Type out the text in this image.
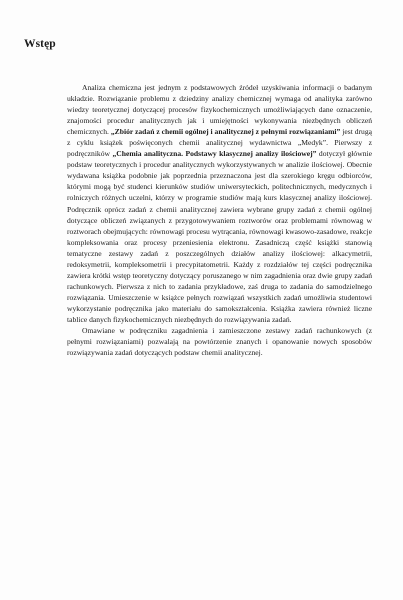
Wstęp

Analiza chemiczna jest jednym z podstawowych źródeł uzyskiwania informacji o badanym układzie. Rozwiązanie problemu z dziedziny analizy chemicznej wymaga od analityka zarówno wiedzy teoretycznej dotyczącej procesów fizykochemicznych umożliwiających dane oznaczenie, znajomości procedur analitycznych jak i umiejętności wykonywania niezbędnych obliczeń chemicznych. „Zbiór zadań z chemii ogólnej i analitycznej z pełnymi rozwiązaniami” jest drugą z cyklu książek poświęconych chemii analitycznej wydawnictwa „Medyk”. Pierwszy z podręczników „Chemia analityczna. Podstawy klasycznej analizy ilościowej” dotyczył głównie podstaw teoretycznych i procedur analitycznych wykorzystywanych w analizie ilościowej. Obecnie wydawana książka podobnie jak poprzednia przeznaczona jest dla szerokiego kręgu odbiorców, którymi mogą być studenci kierunków studiów uniwersyteckich, politechnicznych, medycznych i rolniczych różnych uczelni, którzy w programie studiów mają kurs klasycznej analizy ilościowej. Podręcznik oprócz zadań z chemii analitycznej zawiera wybrane grupy zadań z chemii ogólnej dotyczące obliczeń związanych z przygotowywaniem roztworów oraz problemami równowag w roztworach obejmujących: równowagi procesu wytrącania, równowagi kwasowo-zasadowe, reakcje kompleksowania oraz procesy przeniesienia elektronu. Zasadniczą część książki stanowią tematyczne zestawy zadań z poszczególnych działów analizy ilościowej: alkacymetrii, redoksymetrii, kompleksometrii i precypitatometrii. Każdy z rozdziałów tej części podręcznika zawiera krótki wstęp teoretyczny dotyczący poruszanego w nim zagadnienia oraz dwie grupy zadań rachunkowych. Pierwsza z nich to zadania przykładowe, zaś druga to zadania do samodzielnego rozwiązania. Umieszczenie w książce pełnych rozwiązań wszystkich zadań umożliwia studentowi wykorzystanie podręcznika jako materiału do samokształcenia. Książka zawiera również liczne tablice danych fizykochemicznych niezbędnych do rozwiązywania zadań.

Omawiane w podręczniku zagadnienia i zamieszczone zestawy zadań rachunkowych (z pełnymi rozwiązaniami) pozwalają na powtórzenie znanych i opanowanie nowych sposobów rozwiązywania zadań dotyczących podstaw chemii analitycznej.
